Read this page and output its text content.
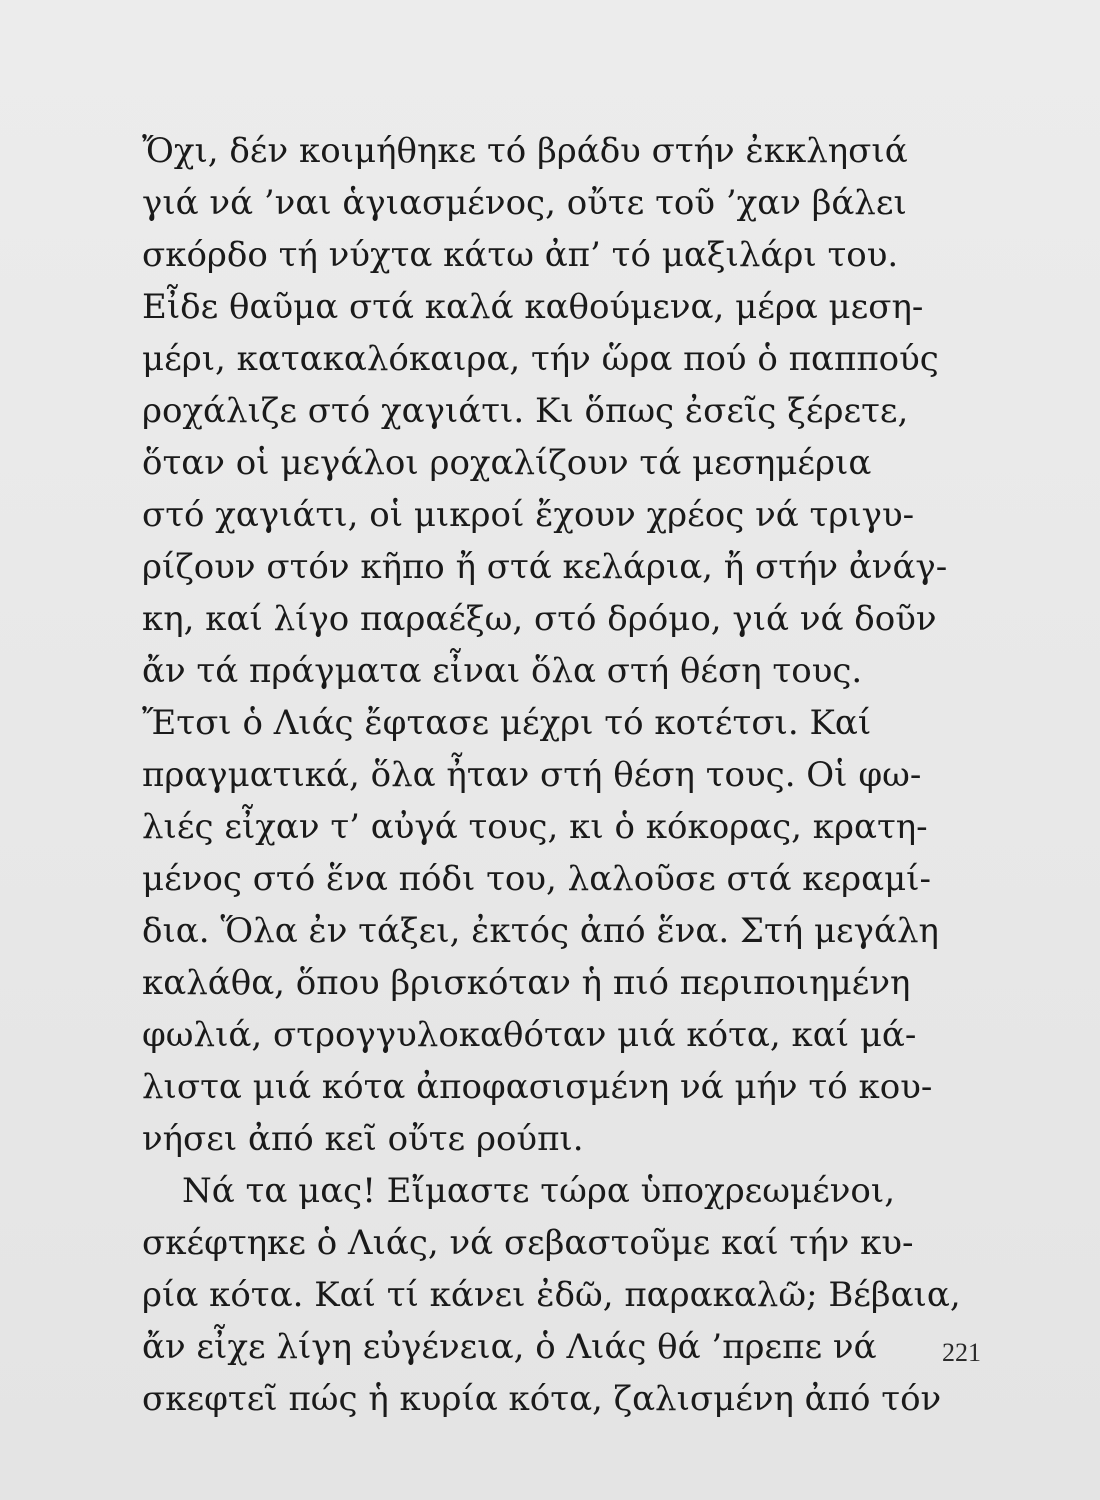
Ὄχι, δέν κοιμήθηκε τό βράδυ στήν ἐκκλησιά
γιά νά ’ναι ἁγιασμένος, οὔτε τοῦ ’χαν βάλει
σκόρδο τή νύχτα κάτω ἀπ’ τό μαξιλάρι του.
Εἶδε θαῦμα στά καλά καθούμενα, μέρα μεση-
μέρι, κατακαλόκαιρα, τήν ὥρα πού ὁ παππούς
ροχάλιζε στό χαγιάτι. Κι ὅπως ἐσεῖς ξέρετε,
ὅταν οἱ μεγάλοι ροχαλίζουν τά μεσημέρια
στό χαγιάτι, οἱ μικροί ἔχουν χρέος νά τριγυ-
ρίζουν στόν κῆπο ἤ στά κελάρια, ἤ στήν ἀνάγ-
κη, καί λίγο παραέξω, στό δρόμο, γιά νά δοῦν
ἄν τά πράγματα εἶναι ὅλα στή θέση τους.
Ἔτσι ὁ Λιάς ἔφτασε μέχρι τό κοτέτσι. Καί
πραγματικά, ὅλα ἦταν στή θέση τους. Οἱ φω-
λιές εἶχαν τ’ αὐγά τους, κι ὁ κόκορας, κρατη-
μένος στό ἕνα πόδι του, λαλοῦσε στά κεραμί-
δια. Ὅλα ἐν τάξει, ἐκτός ἀπό ἕνα. Στή μεγάλη
καλάθα, ὅπου βρισκόταν ἡ πιό περιποιημένη
φωλιά, στρογγυλοκαθόταν μιά κότα, καί μά-
λιστα μιά κότα ἀποφασισμένη νά μήν τό κου-
νήσει ἀπό κεῖ οὔτε ρούπι.
Νά τα μας! Εἴμαστε τώρα ὑποχρεωμένοι,
σκέφτηκε ὁ Λιάς, νά σεβαστοῦμε καί τήν κυ-
ρία κότα. Καί τί κάνει ἐδῶ, παρακαλῶ; Βέβαια,
ἄν εἶχε λίγη εὐγένεια, ὁ Λιάς θά ’πρεπε νά
σκεφτεῖ πώς ἡ κυρία κότα, ζαλισμένη ἀπό τόν
221
